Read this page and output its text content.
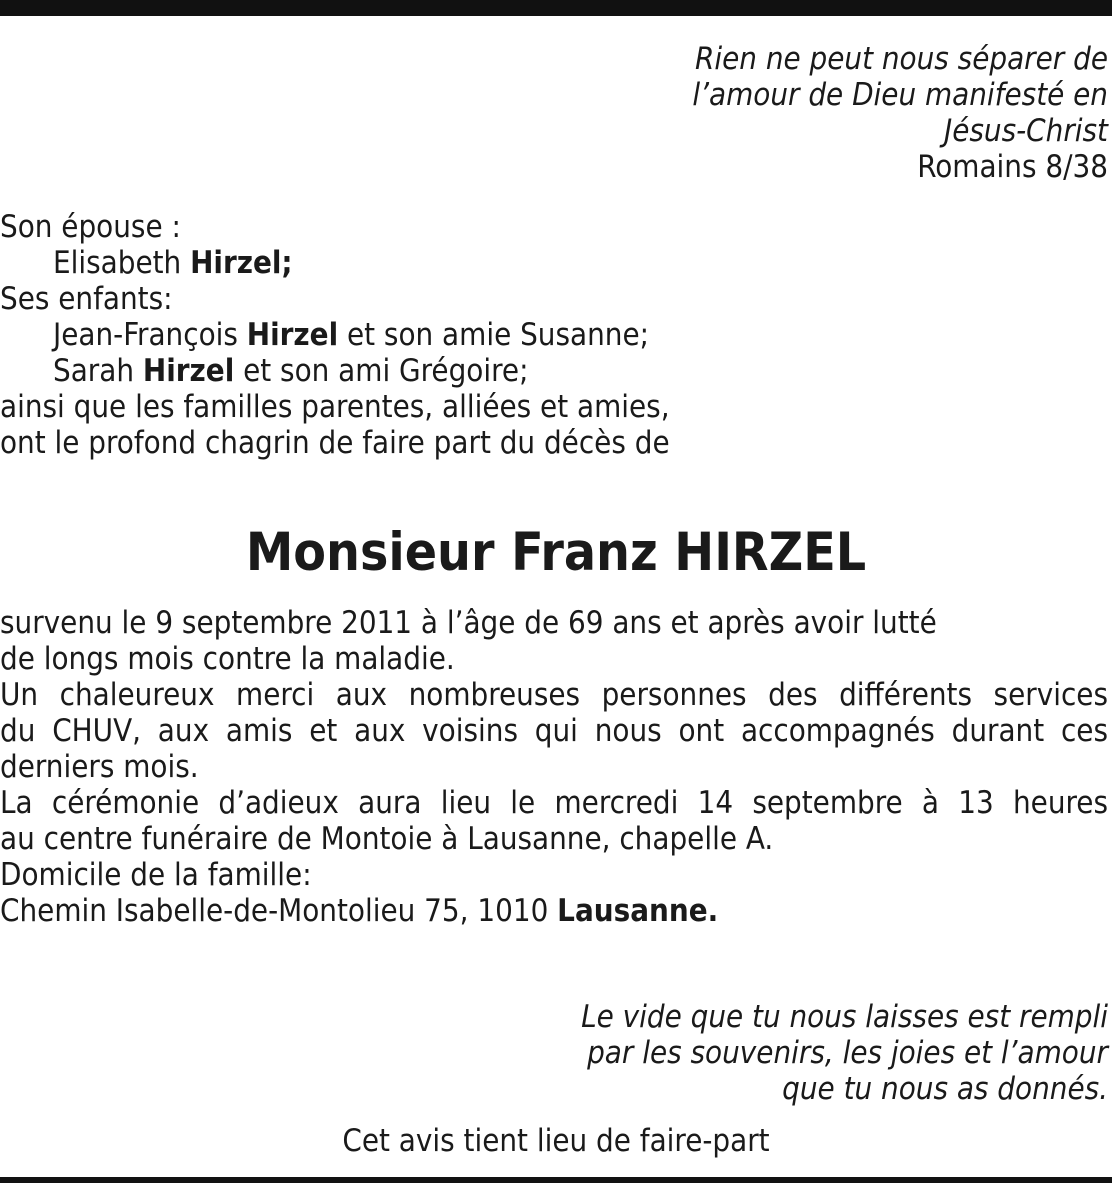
Rien ne peut nous séparer de
l’amour de Dieu manifesté en
Jésus-Christ
Romains 8/38
Son épouse :
Elisabeth Hirzel;
Ses enfants:
Jean-François Hirzel et son amie Susanne;
Sarah Hirzel et son ami Grégoire;
ainsi que les familles parentes, alliées et amies,
ont le profond chagrin de faire part du décès de
Monsieur Franz HIRZEL
survenu le 9 septembre 2011 à l’âge de 69 ans et après avoir lutté
de longs mois contre la maladie.
Un chaleureux merci aux nombreuses personnes des différents services
du CHUV, aux amis et aux voisins qui nous ont accompagnés durant ces
derniers mois.
La cérémonie d’adieux aura lieu le mercredi 14 septembre à 13 heures
au centre funéraire de Montoie à Lausanne, chapelle A.
Domicile de la famille:
Chemin Isabelle-de-Montolieu 75, 1010 Lausanne.
Le vide que tu nous laisses est rempli
par les souvenirs, les joies et l’amour
que tu nous as donnés.
Cet avis tient lieu de faire-part
